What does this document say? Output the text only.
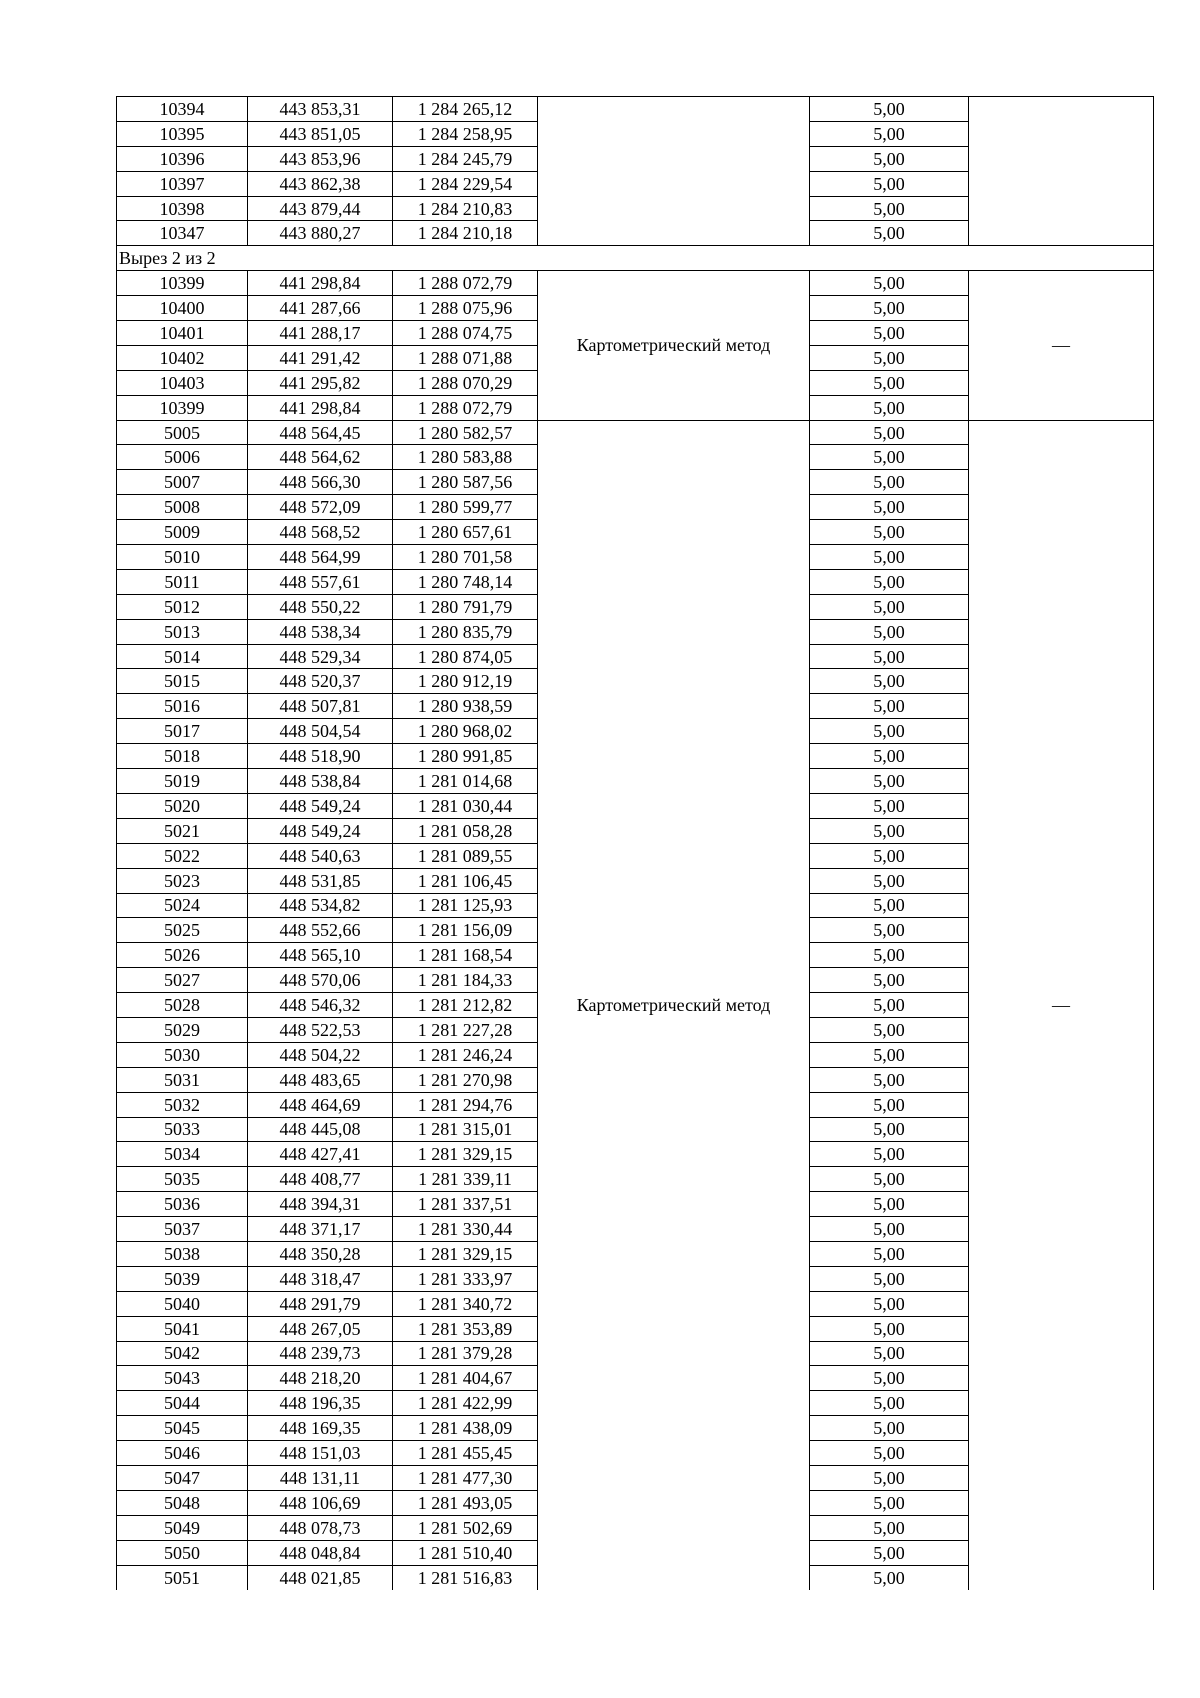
10394	443 853,31	1 284 265,12		5,00	
10395	443 851,05	1 284 258,95		5,00	
10396	443 853,96	1 284 245,79		5,00	
10397	443 862,38	1 284 229,54		5,00	
10398	443 879,44	1 284 210,83		5,00	
10347	443 880,27	1 284 210,18		5,00	
Вырез 2 из 2					
10399	441 298,84	1 288 072,79	Картометрический метод	5,00	—
10400	441 287,66	1 288 075,96		5,00	
10401	441 288,17	1 288 074,75		5,00	
10402	441 291,42	1 288 071,88		5,00	
10403	441 295,82	1 288 070,29		5,00	
10399	441 298,84	1 288 072,79		5,00	
5005	448 564,45	1 280 582,57	Картометрический метод	5,00	—
5006	448 564,62	1 280 583,88		5,00	
5007	448 566,30	1 280 587,56		5,00	
5008	448 572,09	1 280 599,77		5,00	
5009	448 568,52	1 280 657,61		5,00	
5010	448 564,99	1 280 701,58		5,00	
5011	448 557,61	1 280 748,14		5,00	
5012	448 550,22	1 280 791,79		5,00	
5013	448 538,34	1 280 835,79		5,00	
5014	448 529,34	1 280 874,05		5,00	
5015	448 520,37	1 280 912,19		5,00	
5016	448 507,81	1 280 938,59		5,00	
5017	448 504,54	1 280 968,02		5,00	
5018	448 518,90	1 280 991,85		5,00	
5019	448 538,84	1 281 014,68		5,00	
5020	448 549,24	1 281 030,44		5,00	
5021	448 549,24	1 281 058,28		5,00	
5022	448 540,63	1 281 089,55		5,00	
5023	448 531,85	1 281 106,45		5,00	
5024	448 534,82	1 281 125,93		5,00	
5025	448 552,66	1 281 156,09		5,00	
5026	448 565,10	1 281 168,54		5,00	
5027	448 570,06	1 281 184,33		5,00	
5028	448 546,32	1 281 212,82		5,00	
5029	448 522,53	1 281 227,28		5,00	
5030	448 504,22	1 281 246,24		5,00	
5031	448 483,65	1 281 270,98		5,00	
5032	448 464,69	1 281 294,76		5,00	
5033	448 445,08	1 281 315,01		5,00	
5034	448 427,41	1 281 329,15		5,00	
5035	448 408,77	1 281 339,11		5,00	
5036	448 394,31	1 281 337,51		5,00	
5037	448 371,17	1 281 330,44		5,00	
5038	448 350,28	1 281 329,15		5,00	
5039	448 318,47	1 281 333,97		5,00	
5040	448 291,79	1 281 340,72		5,00	
5041	448 267,05	1 281 353,89		5,00	
5042	448 239,73	1 281 379,28		5,00	
5043	448 218,20	1 281 404,67		5,00	
5044	448 196,35	1 281 422,99		5,00	
5045	448 169,35	1 281 438,09		5,00	
5046	448 151,03	1 281 455,45		5,00	
5047	448 131,11	1 281 477,30		5,00	
5048	448 106,69	1 281 493,05		5,00	
5049	448 078,73	1 281 502,69		5,00	
5050	448 048,84	1 281 510,40		5,00	
5051	448 021,85	1 281 516,83		5,00	
